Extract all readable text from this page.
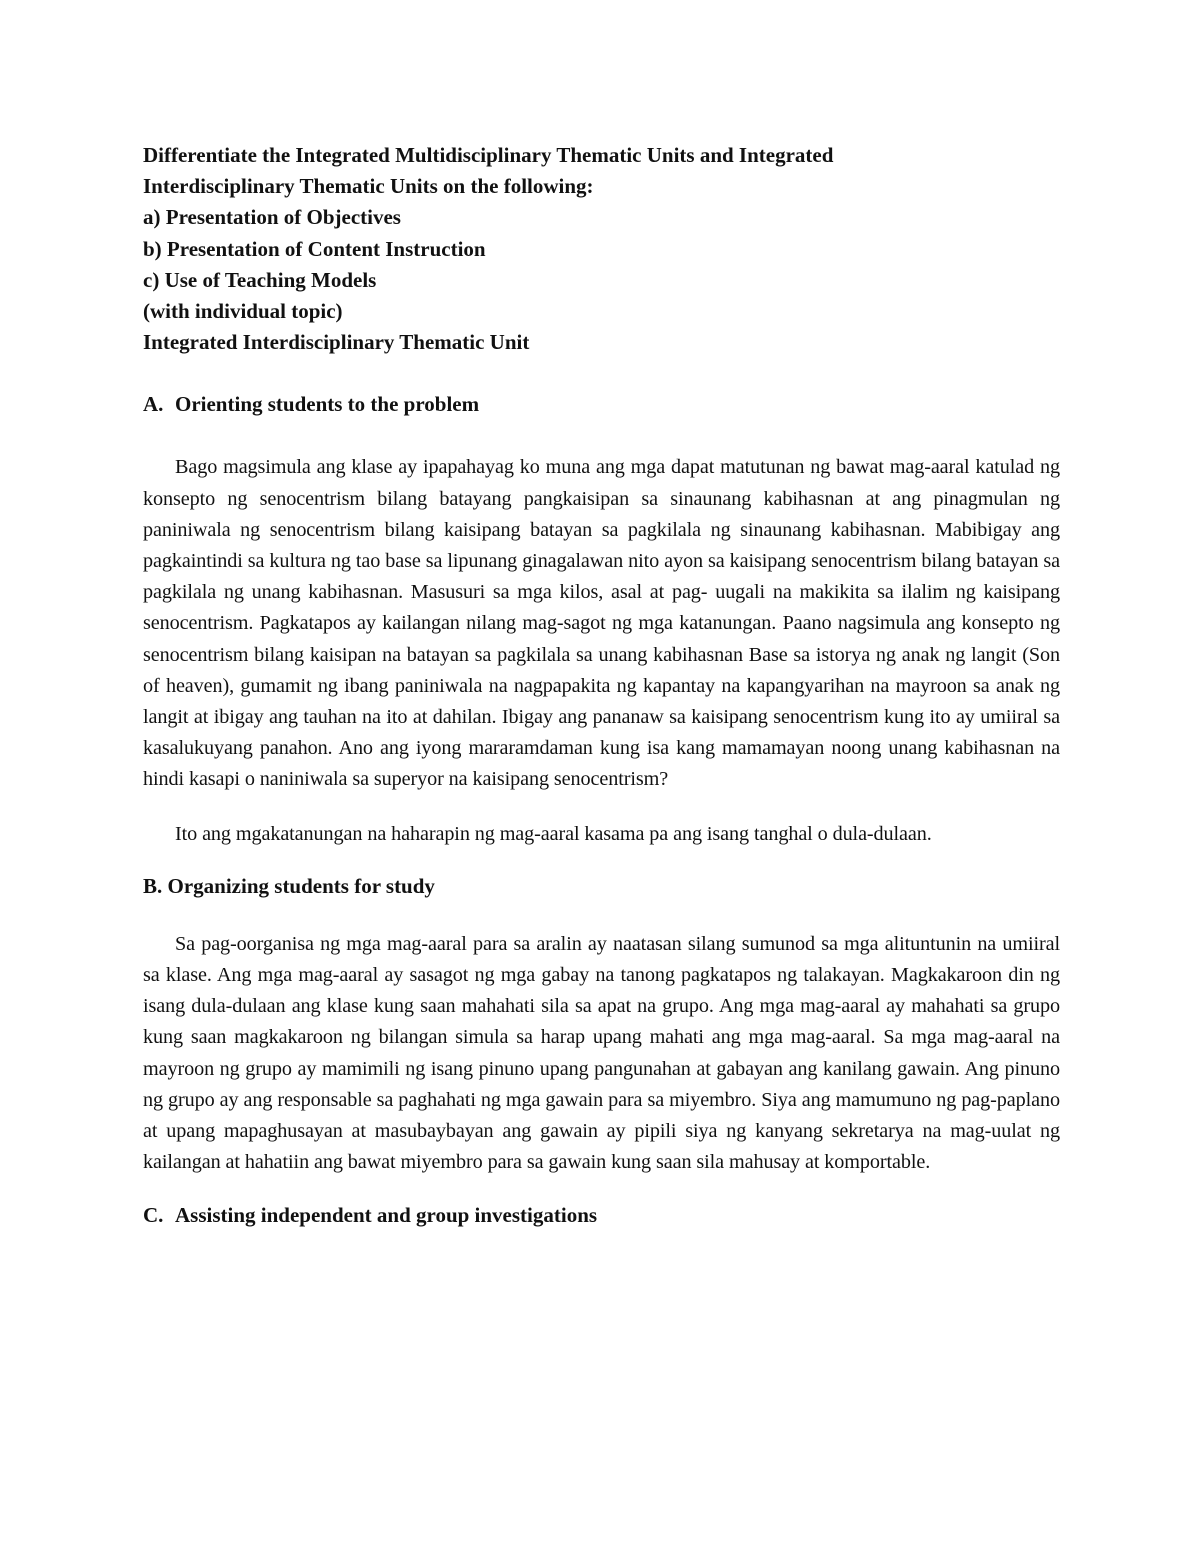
Differentiate the Integrated Multidisciplinary Thematic Units and Integrated
Interdisciplinary Thematic Units on the following:
a) Presentation of Objectives
b) Presentation of Content Instruction
c) Use of Teaching Models
(with individual topic)
Integrated Interdisciplinary Thematic Unit
A. Orienting students to the problem

Bago magsimula ang klase ay ipapahayag ko muna ang mga dapat matutunan ng bawat mag-aaral katulad ng konsepto ng senocentrism bilang batayang pangkaisipan sa sinaunang kabihasnan at ang pinagmulan ng paniniwala ng senocentrism bilang kaisipang batayan sa pagkilala ng sinaunang kabihasnan. Mabibigay ang pagkaintindi sa kultura ng tao base sa lipunang ginagalawan nito ayon sa kaisipang senocentrism bilang batayan sa pagkilala ng unang kabihasnan. Masusuri sa mga kilos, asal at pag- uugali na makikita sa ilalim ng kaisipang senocentrism. Pagkatapos ay kailangan nilang mag-sagot ng mga katanungan. Paano nagsimula ang konsepto ng senocentrism bilang kaisipan na batayan sa pagkilala sa unang kabihasnan Base sa istorya ng anak ng langit (Son of heaven), gumamit ng ibang paniniwala na nagpapakita ng kapantay na kapangyarihan na mayroon sa anak ng langit at ibigay ang tauhan na ito at dahilan. Ibigay ang pananaw sa kaisipang senocentrism kung ito ay umiiral sa kasalukuyang panahon. Ano ang iyong mararamdaman kung isa kang mamamayan noong unang kabihasnan na hindi kasapi o naniniwala sa superyor na kaisipang senocentrism?

Ito ang mgakatanungan na haharapin ng mag-aaral kasama pa ang isang tanghal o dula-dulaan.

B. Organizing students for study

Sa pag-oorganisa ng mga mag-aaral para sa aralin ay naatasan silang sumunod sa mga alituntunin na umiiral sa klase. Ang mga mag-aaral ay sasagot ng mga gabay na tanong pagkatapos ng talakayan. Magkakaroon din ng isang dula-dulaan ang klase kung saan mahahati sila sa apat na grupo. Ang mga mag-aaral ay mahahati sa grupo kung saan magkakaroon ng bilangan simula sa harap upang mahati ang mga mag-aaral. Sa mga mag-aaral na mayroon ng grupo ay mamimili ng isang pinuno upang pangunahan at gabayan ang kanilang gawain. Ang pinuno ng grupo ay ang responsable sa paghahati ng mga gawain para sa miyembro. Siya ang mamumuno ng pag-paplano at upang mapaghusayan at masubaybayan ang gawain ay pipili siya ng kanyang sekretarya na mag-uulat ng kailangan at hahatiin ang bawat miyembro para sa gawain kung saan sila mahusay at komportable.

C. Assisting independent and group investigations
